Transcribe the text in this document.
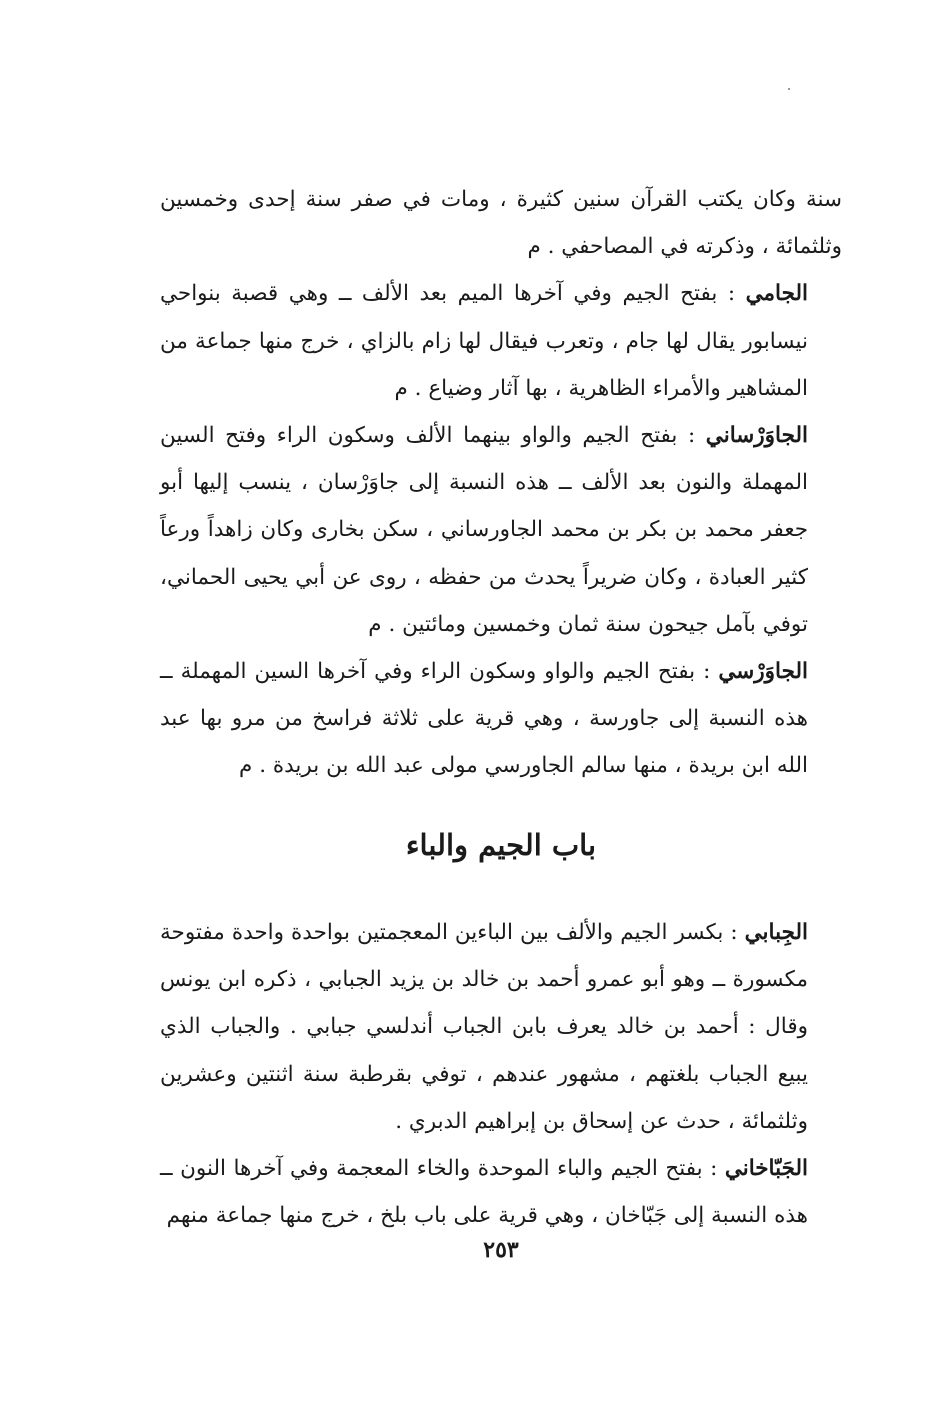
سنة وكان يكتب القرآن سنين كثيرة ، ومات في صفر سنة إحدى وخمسين وثلثمائة ، وذكرته في المصاحفي . م

الجامي : بفتح الجيم وفي آخرها الميم بعد الألف ــ وهي قصبة بنواحي نيسابور يقال لها جام ، وتعرب فيقال لها زام بالزاي ، خرج منها جماعة من المشاهير والأمراء الظاهرية ، بها آثار وضياع . م

الجاوَرْساني : بفتح الجيم والواو بينهما الألف وسكون الراء وفتح السين المهملة والنون بعد الألف ــ هذه النسبة إلى جاوَرْسان ، ينسب إليها أبو جعفر محمد بن بكر بن محمد الجاورساني ، سكن بخارى وكان زاهداً ورعاً كثير العبادة ، وكان ضريراً يحدث من حفظه ، روى عن أبي يحيى الحماني، توفي بآمل جيحون سنة ثمان وخمسين ومائتين . م

الجاوَرْسي : بفتح الجيم والواو وسكون الراء وفي آخرها السين المهملة ــ هذه النسبة إلى جاورسة ، وهي قرية على ثلاثة فراسخ من مرو بها عبد الله ابن بريدة ، منها سالم الجاورسي مولى عبد الله بن بريدة . م

باب الجيم والباء

الجِبابي : بكسر الجيم والألف بين الباءين المعجمتين بواحدة واحدة مفتوحة مكسورة ــ وهو أبو عمرو أحمد بن خالد بن يزيد الجبابي ، ذكره ابن يونس وقال : أحمد بن خالد يعرف بابن الجباب أندلسي جبابي . والجباب الذي يبيع الجباب بلغتهم ، مشهور عندهم ، توفي بقرطبة سنة اثنتين وعشرين وثلثمائة ، حدث عن إسحاق بن إبراهيم الدبري .

الجَبّاخاني : بفتح الجيم والباء الموحدة والخاء المعجمة وفي آخرها النون ــ هذه النسبة إلى جَبّاخان ، وهي قرية على باب بلخ ، خرج منها جماعة منهم

٢٥٣
